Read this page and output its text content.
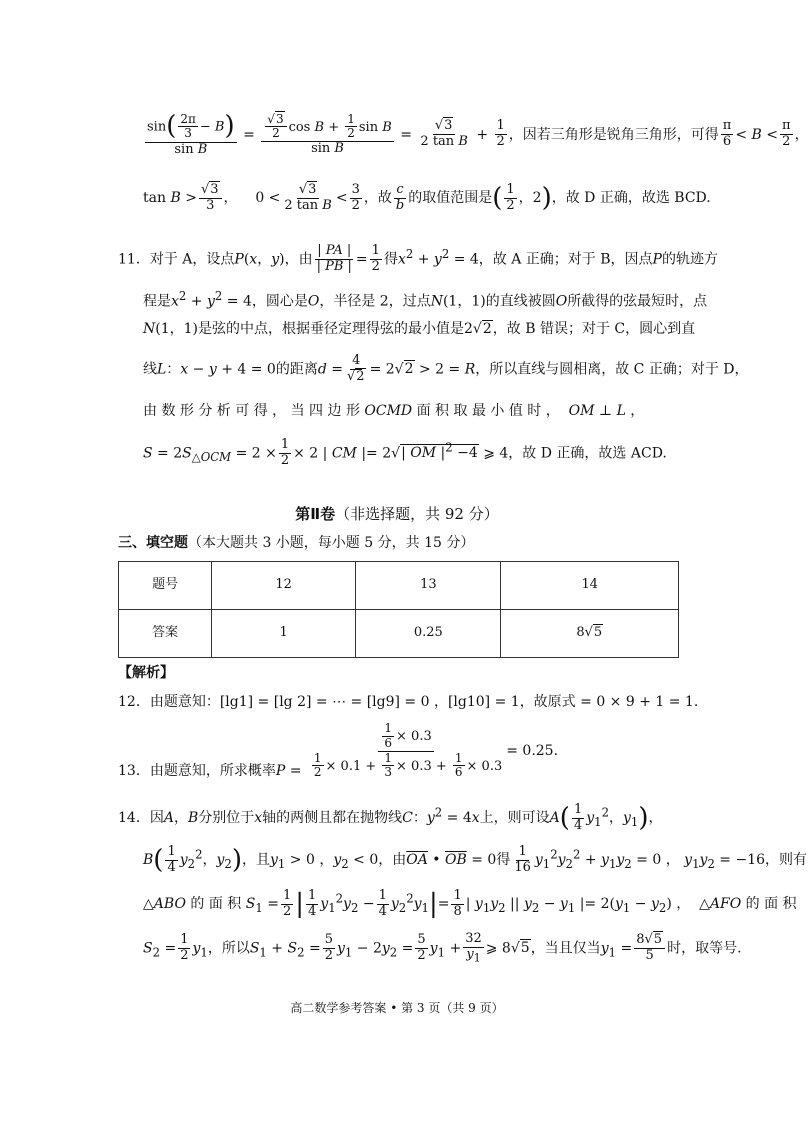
$\frac{\sin( \frac{2\pi}{3} - B)}{\text{sin B}} = \frac{\frac{√3}{2} \cos B + \frac{1}{2} \sin B}{\text{sin B}} = \frac{√3}{\text{2 tan B}} + \frac{1}{2}$ ，因若三角形是锐角三角形，可得 $\frac{\pi}{6} < B < \frac{\pi}{2}$ ，
$\tan B > \frac{√3}{3}$ ，    $0 < \frac{√3}{\text{2 tan B}} < \frac{3}{2}$ ，故 $\frac{c}{b}$ 的取值范围是( $\frac{1}{2}$ ，2)，故 D 正确，故选 BCD.
11．对于 A，设点P(x，y)，由 $\frac{| PA |}{| PB |} = \frac{1}{2}$ 得$x^2 + y^2 = 4$，故 A 正确；对于 B，因点P的轨迹方
程是$x^2 + y^2 = 4$，圆心是O，半径是 2，过点N(1，1)的直线被圆O所截得的弦最短时，点
N(1，1)是弦的中点，根据垂径定理得弦的最小值是2√2，故 B 错误；对于 C，圆心到直
线L：x − y + 4 = 0的距离$d = \frac{4}{√2} = 2√2 > 2 = R$，所以直线与圆相离，故 C 正确；对于 D，
由 数 形 分 析 可 得 ， 当 四 边 形 OCMD 面 积 取 最 小 值 时 ， OM ⊥ L ，
$S = 2S_{\triangle OCM} = 2 \times \frac{1}{2} \times 2$ | CM |= 2√| OM $|^2 -4$ ⩾ 4，故 D 正确，故选 ACD.
第Ⅱ卷（非选择题，共 92 分）
三、填空题（本大题共 3 小题，每小题 5 分，共 15 分）
题号	12	13	14
答案	1	0.25	8√5
【解析】
12．由题意知：[lg1] = [lg 2] = ⋯ = [lg9] = 0 ，[lg10] = 1，故原式 = 0 × 9 + 1 = 1.
13．由题意知，所求概率$P = \frac{\frac{1}{6} \times 0.3}{\frac{1}{2} \times 0.1 + \frac{1}{3} \times 0.3 + \frac{1}{6} \times 0.3} = 0.25$.
14．因A，B分别位于x轴的两侧且都在抛物线C：$y^2 = 4x$上，则可设$A( \frac{1}{4} y_1^2$，$y_1$)，
$B( \frac{1}{4} y_2^2$，$y_2$)，且$y_1 > 0$ ，$y_2 < 0$，由$\overline{OA}$ • $\overline{OB} = 0$得 $\frac{1}{16} y_1^2y_2^2 + y_1y_2 = 0$ ， $y_1y_2 = -16$，则有
△ABO 的 面 积 $S_1 = \frac{1}{2}$ | $\frac{1}{4} y_1^2y_2 - \frac{1}{4} y_2^2y_1|= \frac{1}{8}$ | $y_1y_2$ || $y_2 - y_1$ |= $2(y_1 - y_2)$ ，  △AFO 的 面 积
$S_2 = \frac{1}{2} y_1$，所以$S_1 + S_2 = \frac{5}{2} y_1 - 2y_2 = \frac{5}{2} y_1 + \frac{32}{y_1}$ ⩾ 8√5，当且仅当$y_1 = \frac{8√5}{5}$ 时，取等号.
高二数学参考答案 • 第 3 页（共 9 页）
